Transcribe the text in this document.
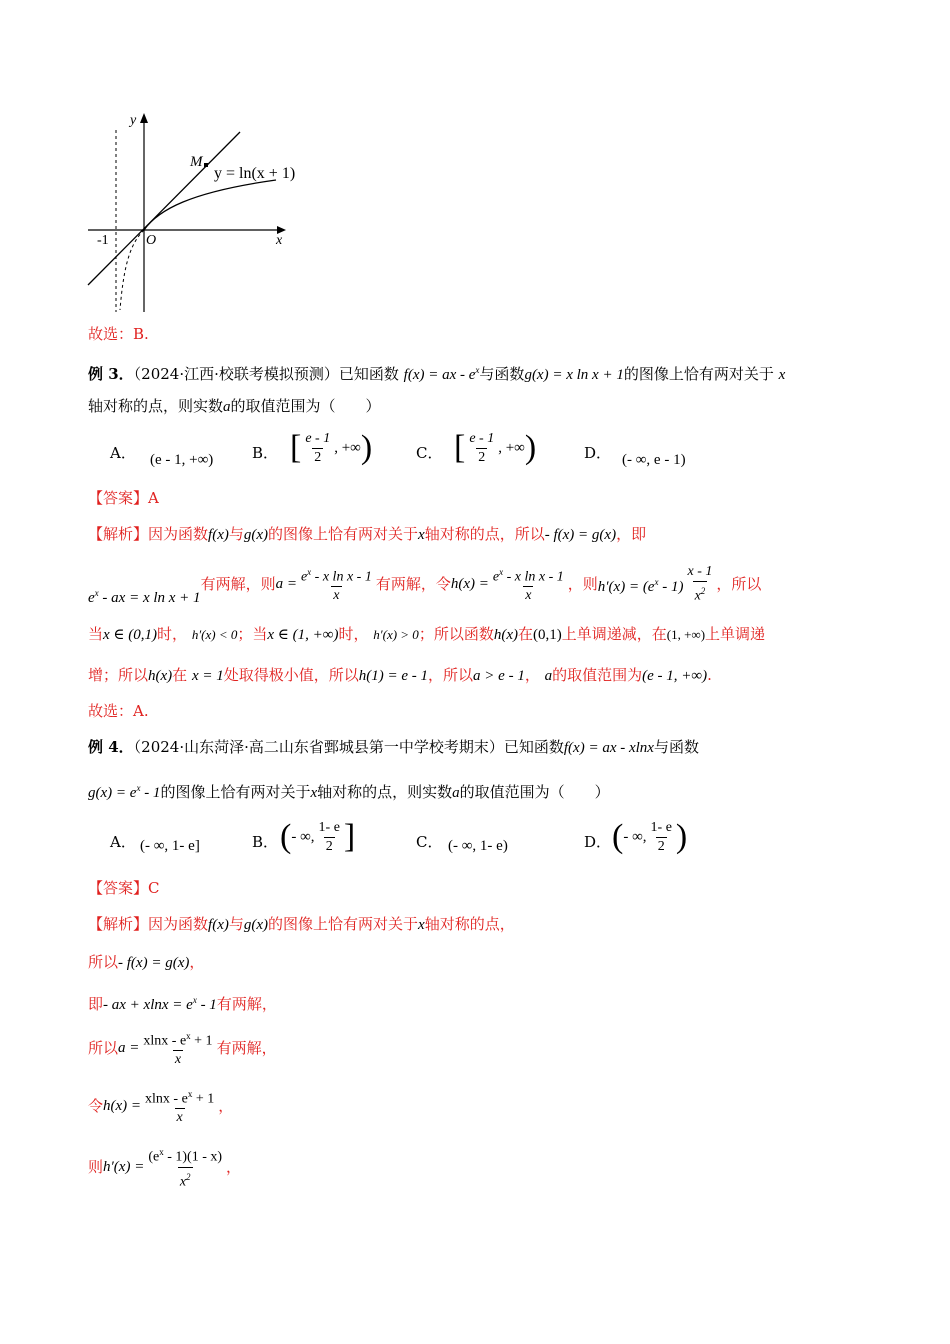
M
y = ln(x + 1)
y
x
O
-1
故选：B.
例 3．（2024·江西·校联考模拟预测）已知函数 f(x) = ax - $e^x$与函数g(x) = x ln x + 1的图像上恰有两对关于 x
轴对称的点，则实数a的取值范围为（　　）
A． (e - 1, +∞)	B． [ $\frac{e - 1}{2}$ , +∞ )	C． [ $\frac{e - 1}{2}$ , +∞ )	D． (- ∞, e - 1)
【答案】A
【解析】因为函数f(x)与g(x)的图像上恰有两对关于x轴对称的点，所以- f(x) = g(x)，即
$e^x$ - ax = x ln x + 1
有两解，则 $a = \frac{e^x - x \ln x - 1}{x}$ 有两解，令 $h(x) = \frac{e^x - x \ln x - 1}{x}$ ，则 $h'(x) = (e^x - 1) \frac{x - 1}{x^2}$ ，所以
当x ∈ (0,1)时， h′(x) < 0；当x ∈ (1, +∞)时， h′(x) > 0；所以函数h(x)在(0,1)上单调递减，在(1, +∞)上单调递
增；所以h(x)在 x = 1处取得极小值，所以h(1) = e - 1，所以a > e - 1， a的取值范围为(e - 1, +∞).
故选：A.
例 4．（2024·山东菏泽·高二山东省鄄城县第一中学校考期末）已知函数f(x) = ax - xlnx与函数
$g(x) = e^x - 1$的图像上恰有两对关于x轴对称的点，则实数a的取值范围为（　　）
A． (- ∞, 1- e]	B． ( - ∞, $\frac{1- e}{2}$ ]	C． (- ∞, 1- e)	D． ( - ∞, $\frac{1- e}{2}$ )
【答案】C
【解析】因为函数f(x)与g(x)的图像上恰有两对关于x轴对称的点，
所以- f(x) = g(x)，
即- ax + $xlnx = e^x - 1$有两解，
所以 $a = \frac{xlnx - e^x + 1}{x}$ 有两解，
令 $h(x) = \frac{xlnx - e^x + 1}{x}$ ，
则 $h'(x) = \frac{(e^x - 1)(1 - x)}{x^2}$ ，
